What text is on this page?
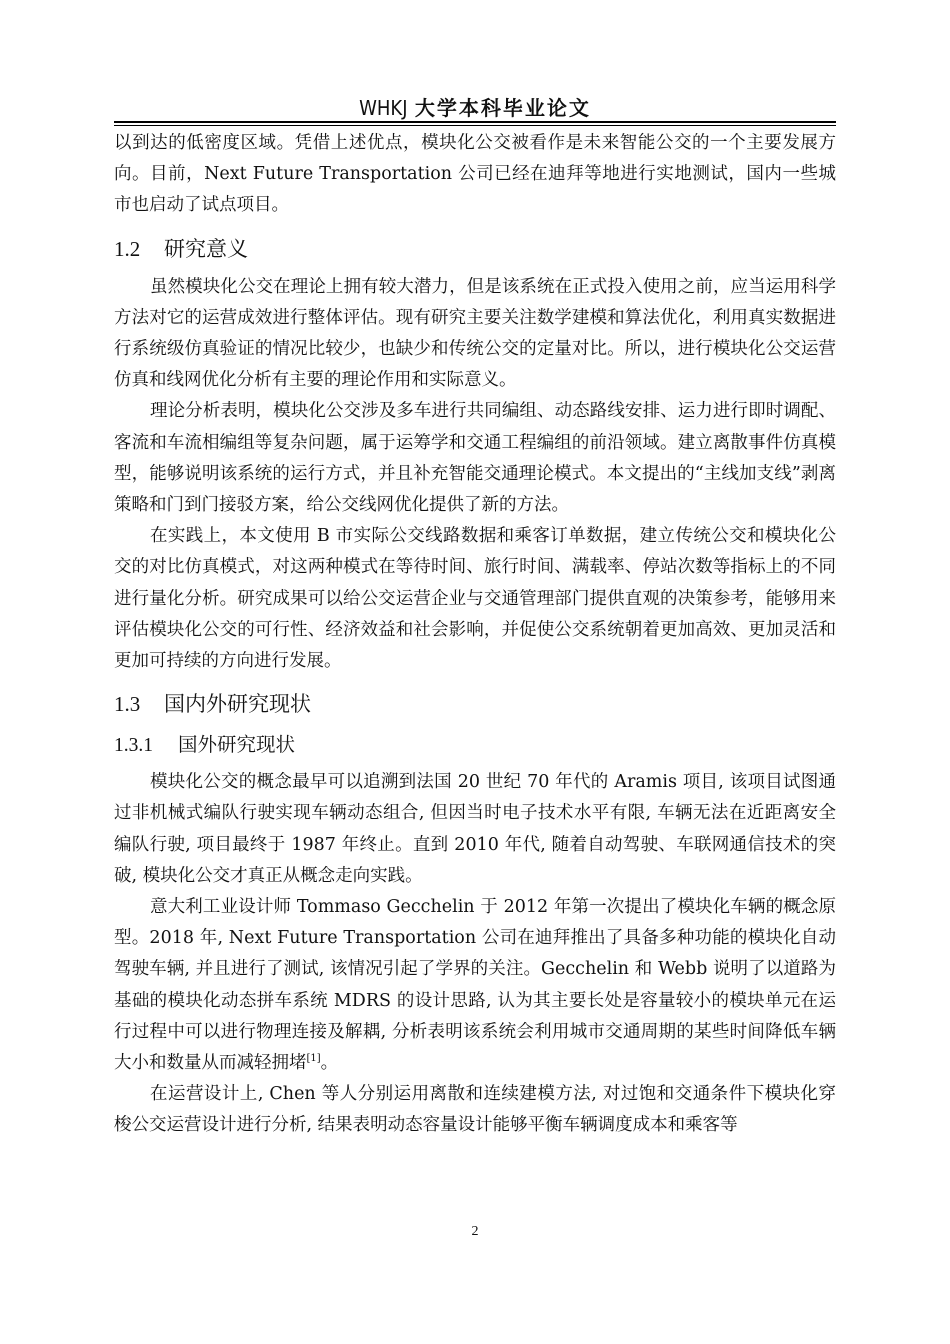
WHKJ 大学本科毕业论文

以到达的低密度区域。凭借上述优点，模块化公交被看作是未来智能公交的一个主要发展方向。目前，Next Future Transportation 公司已经在迪拜等地进行实地测试，国内一些城市也启动了试点项目。

1.2 研究意义

虽然模块化公交在理论上拥有较大潜力，但是该系统在正式投入使用之前，应当运用科学方法对它的运营成效进行整体评估。现有研究主要关注数学建模和算法优化，利用真实数据进行系统级仿真验证的情况比较少，也缺少和传统公交的定量对比。所以，进行模块化公交运营仿真和线网优化分析有主要的理论作用和实际意义。

理论分析表明，模块化公交涉及多车进行共同编组、动态路线安排、运力进行即时调配、客流和车流相编组等复杂问题，属于运筹学和交通工程编组的前沿领域。建立离散事件仿真模型，能够说明该系统的运行方式，并且补充智能交通理论模式。本文提出的“主线加支线”剥离策略和门到门接驳方案，给公交线网优化提供了新的方法。

在实践上，本文使用 B 市实际公交线路数据和乘客订单数据，建立传统公交和模块化公交的对比仿真模式，对这两种模式在等待时间、旅行时间、满载率、停站次数等指标上的不同进行量化分析。研究成果可以给公交运营企业与交通管理部门提供直观的决策参考，能够用来评估模块化公交的可行性、经济效益和社会影响，并促使公交系统朝着更加高效、更加灵活和更加可持续的方向进行发展。

1.3 国内外研究现状
1.3.1 国外研究现状

模块化公交的概念最早可以追溯到法国 20 世纪 70 年代的 Aramis 项目, 该项目试图通过非机械式编队行驶实现车辆动态组合, 但因当时电子技术水平有限, 车辆无法在近距离安全编队行驶, 项目最终于 1987 年终止。直到 2010 年代, 随着自动驾驶、车联网通信技术的突破, 模块化公交才真正从概念走向实践。

意大利工业设计师 Tommaso Gecchelin 于 2012 年第一次提出了模块化车辆的概念原型。2018 年, Next Future Transportation 公司在迪拜推出了具备多种功能的模块化自动驾驶车辆, 并且进行了测试, 该情况引起了学界的关注。Gecchelin 和 Webb 说明了以道路为基础的模块化动态拼车系统 MDRS 的设计思路, 认为其主要长处是容量较小的模块单元在运行过程中可以进行物理连接及解耦, 分析表明该系统会利用城市交通周期的某些时间降低车辆大小和数量从而减轻拥堵[1]。

在运营设计上, Chen 等人分别运用离散和连续建模方法, 对过饱和交通条件下模块化穿梭公交运营设计进行分析, 结果表明动态容量设计能够平衡车辆调度成本和乘客等

2
